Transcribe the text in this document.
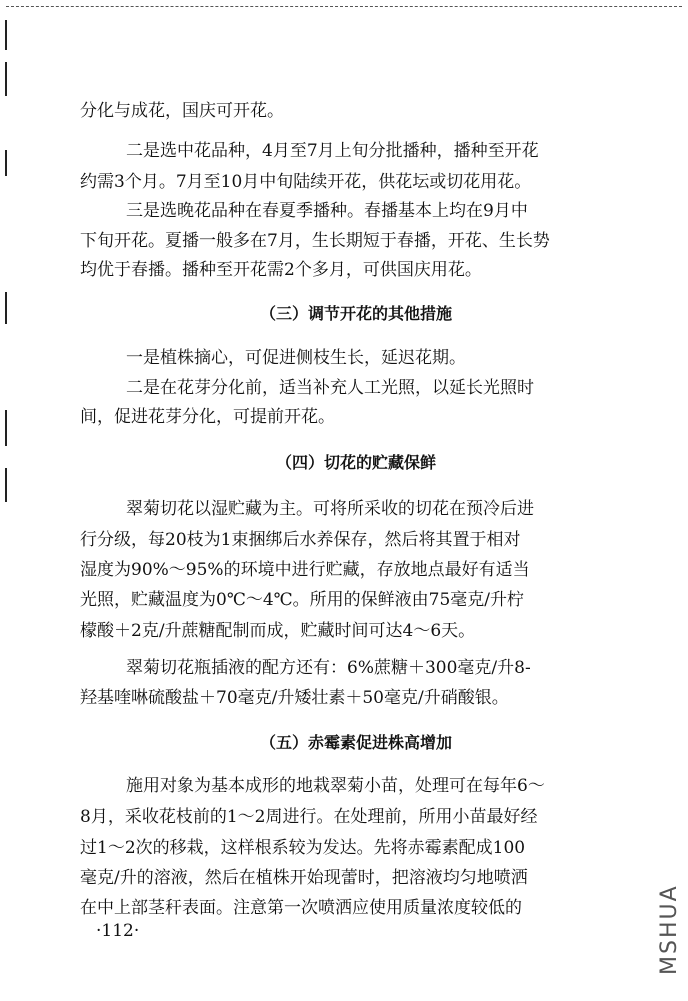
分化与成花，国庆可开花。
二是选中花品种，4月至7月上旬分批播种，播种至开花
约需3个月。7月至10月中旬陆续开花，供花坛或切花用花。
三是选晚花品种在春夏季播种。春播基本上均在9月中
下旬开花。夏播一般多在7月，生长期短于春播，开花、生长势
均优于春播。播种至开花需2个多月，可供国庆用花。
（三）调节开花的其他措施
一是植株摘心，可促进侧枝生长，延迟花期。
二是在花芽分化前，适当补充人工光照，以延长光照时
间，促进花芽分化，可提前开花。
（四）切花的贮藏保鲜
翠菊切花以湿贮藏为主。可将所采收的切花在预冷后进
行分级，每20枝为1束捆绑后水养保存，然后将其置于相对
湿度为90%～95%的环境中进行贮藏，存放地点最好有适当
光照，贮藏温度为0℃～4℃。所用的保鲜液由75毫克/升柠
檬酸＋2克/升蔗糖配制而成，贮藏时间可达4～6天。
翠菊切花瓶插液的配方还有：6%蔗糖＋300毫克/升8-
羟基喹啉硫酸盐＋70毫克/升矮壮素＋50毫克/升硝酸银。
（五）赤霉素促进株高增加
施用对象为基本成形的地栽翠菊小苗，处理可在每年6～
8月，采收花枝前的1～2周进行。在处理前，所用小苗最好经
过1～2次的移栽，这样根系较为发达。先将赤霉素配成100
毫克/升的溶液，然后在植株开始现蕾时，把溶液均匀地喷洒
在中上部茎秆表面。注意第一次喷洒应使用质量浓度较低的
·112·	MSHUA
